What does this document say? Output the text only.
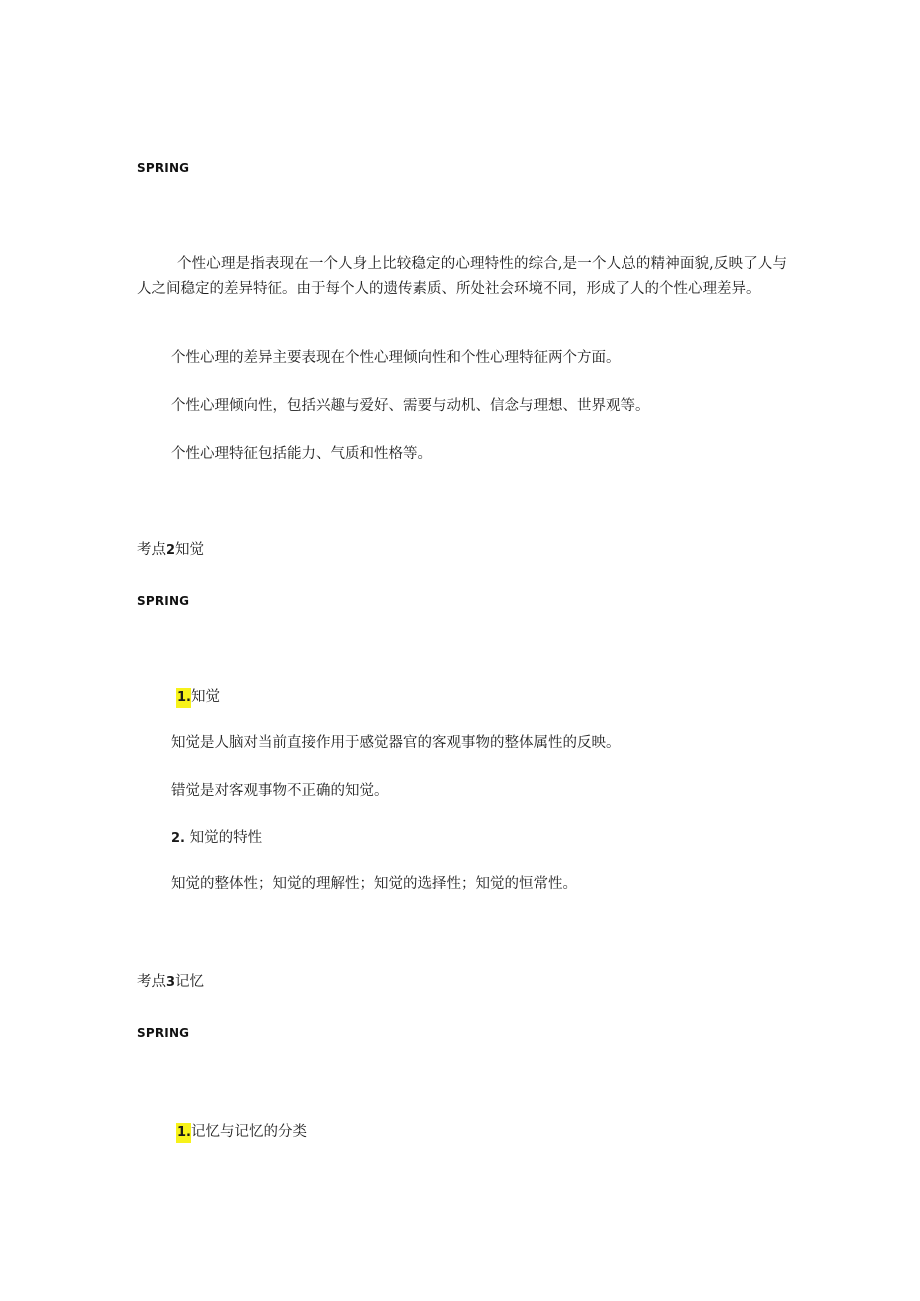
SPRING
个性心理是指表现在一个人身上比较稳定的心理特性的综合,是一个人总的精神面貌,反映了人与人之间稳定的差异特征。由于每个人的遗传素质、所处社会环境不同，形成了人的个性心理差异。
个性心理的差异主要表现在个性心理倾向性和个性心理特征两个方面。
个性心理倾向性，包括兴趣与爱好、需要与动机、信念与理想、世界观等。
个性心理特征包括能力、气质和性格等。
考点2知觉
SPRING
1.知觉
知觉是人脑对当前直接作用于感觉器官的客观事物的整体属性的反映。
错觉是对客观事物不正确的知觉。
2. 知觉的特性
知觉的整体性；知觉的理解性；知觉的选择性；知觉的恒常性。
考点3记忆
SPRING
1.记忆与记忆的分类
